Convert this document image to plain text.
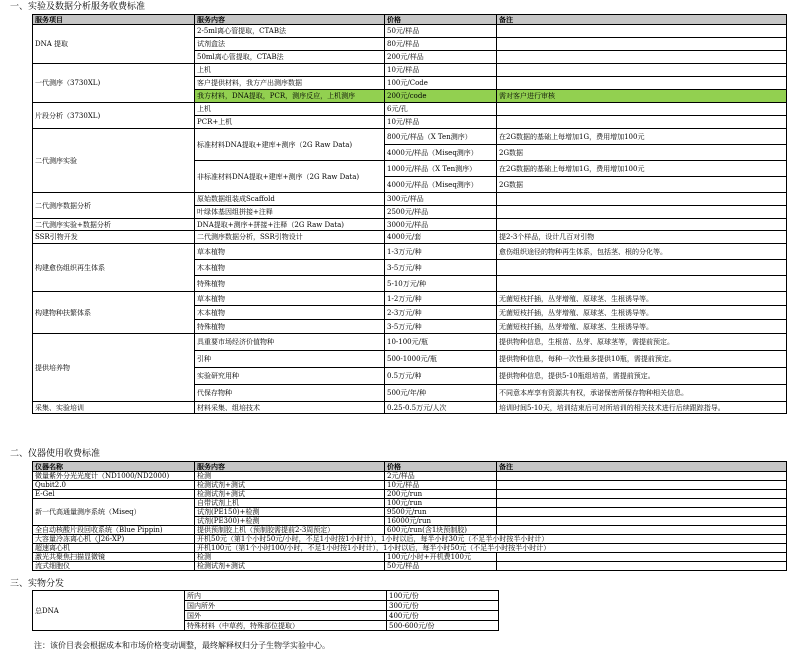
一、实验及数据分析服务收费标准
服务项目	服务内容	价格	备注
DNA 提取	2-5ml离心管提取，CTAB法	50元/样品	
	试剂盒法	80元/样品	
	50ml离心管提取，CTAB法	200元/样品	
一代测序（3730XL)	上机	10元/样品	
	客户提供材料，我方产出测序数据	100元/Code	
	我方材料，DNA提取，PCR，测序反应，上机测序	200元/code	需对客户进行审核
片段分析（3730XL)	上机	6元/孔	
	PCR+上机	10元/样品	
二代测序实验	标准材料DNA提取+建库+测序（2G Raw Data)	800元/样品（X Ten测序）	在2G数据的基础上每增加1G，费用增加100元
		4000元/样品（Miseq测序）	2G数据
	非标准材料DNA提取+建库+测序（2G Raw Data)	1000元/样品（X Ten测序）	在2G数据的基础上每增加1G，费用增加100元
		4000元/样品（Miseq测序）	2G数据
二代测序数据分析	原始数据组装成Scaffold	300元/样品	
	叶绿体基因组拼接+注释	2500元/样品	
二代测序实验+数据分析	DNA提取+测序+拼接+注释（2G Raw Data)	3000元/样品	
SSR引物开发	二代测序数据分析，SSR引物设计	4000元/套	提2-3个样品，设计几百对引物
构建愈伤组织再生体系	草本植物	1-3万元/种	愈伤组织途径的物种再生体系，包括茎、根的分化等。
	木本植物	3-5万元/种	
	特殊植物	5-10万元/种	
构建物种扶繁体系	草本植物	1-2万元/种	无菌短枝扦插，丛芽增殖、原球茎、生根诱导等。
	木本植物	2-3万元/种	无菌短枝扦插，丛芽增殖、原球茎、生根诱导等。
	特殊植物	3-5万元/种	无菌短枝扦插，丛芽增殖、原球茎、生根诱导等。
提供培养物	具重要市场经济价值物种	10-100元/瓶	提供物种信息，生根苗、丛芽、原球茎等，需提前预定。
	引种	500-1000元/瓶	提供物种信息，每种一次性最多提供10瓶，需提前预定。
	实验研究用种	0.5万元/种	提供物种信息，提供5-10瓶组培苗，需提前预定。
	代保存物种	500元/年/种	不同意本库享有资源共有权，承诺保密所保存物种相关信息。
采集、实验培训	材料采集、组培技术	0.25-0.5万元/人次	培训时间5-10天，培训结束后可对所培训的相关技术进行后续跟踪指导。
二、仪器使用收费标准
仪器名称	服务内容	价格	备注
微量紫外分光光度计（ND1000/ND2000)	检测	2元/样品	
Qubit2.0	检测试剂+测试	10元/样品	
E-Gel	检测试剂+测试	200元/run	
新一代高通量测序系统（Miseq）	自带试剂上机	100元/run	
	试剂(PE150)+检测	9500元/run	
	试剂(PE300)+检测	16000元/run	
全自动核酸片段回收系统（Blue Pippin)	提供预制胶上机（预制胶需提前2-3周预定）	600元/run(含1块预制胶)	
大容量冷冻离心机（J26-XP)	开机50元（第1个小时50元/小时，不足1小时按1小时计），1小时以后，每半小时30元（不足半小时按半小时计）		
超速离心机	开机100元（第1个小时100/小时，不足1小时按1小时计），1小时以后，每半小时50元（不足半小时按半小时计）		
激光共聚焦扫描显微镜	检测	100元/小时+开机费100元	
流式细胞仪	检测试剂+测试	50元/样品	
三、实物分发
总DNA	所内	100元/份
	国内所外	300元/份
	国外	400元/份
	特殊材料（中草药，特殊部位提取）	500-600元/份
注：该价目表会根据成本和市场价格变动调整，最终解释权归分子生物学实验中心。
